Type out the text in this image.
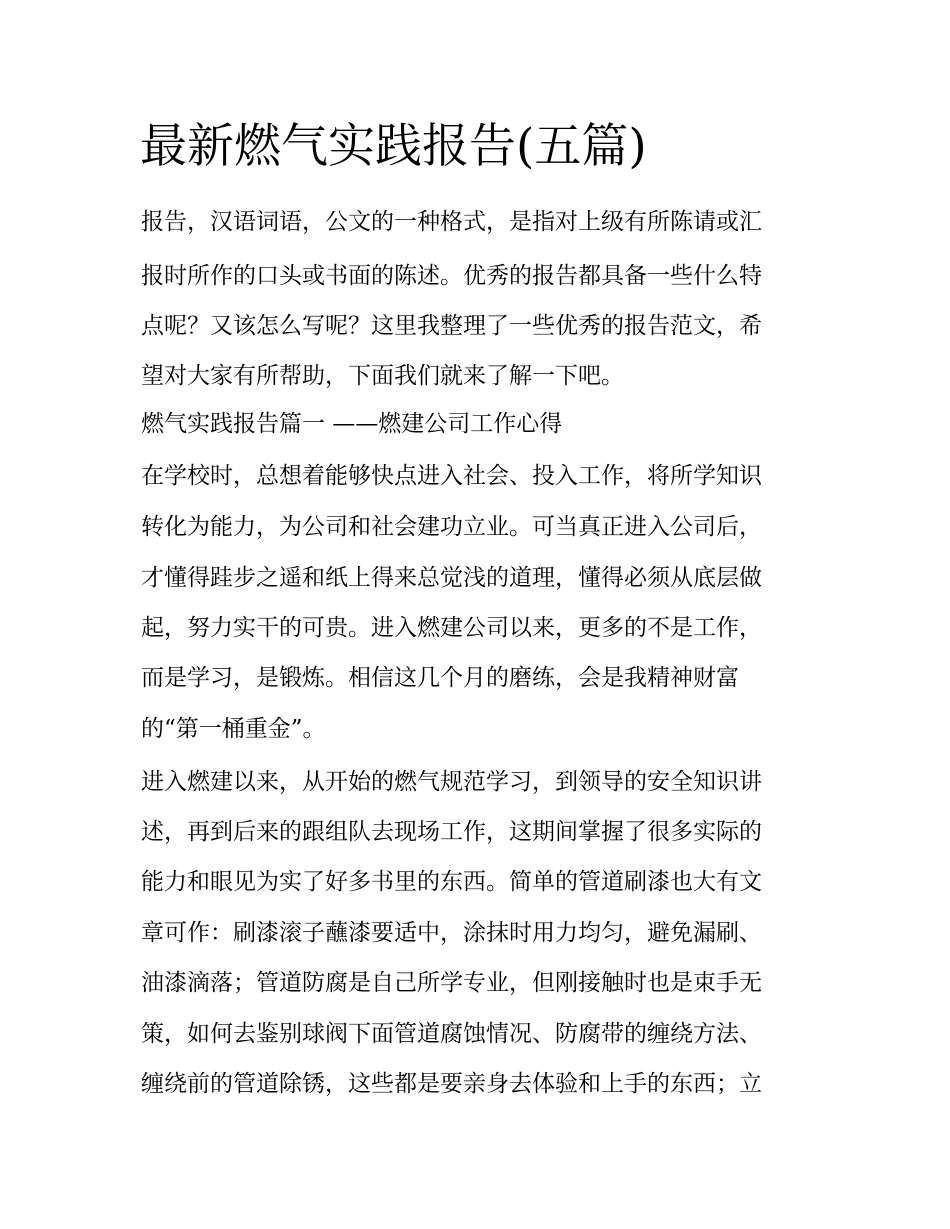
最新燃气实践报告(五篇)

报告，汉语词语，公文的一种格式，是指对上级有所陈请或汇

报时所作的口头或书面的陈述。优秀的报告都具备一些什么特

点呢？又该怎么写呢？这里我整理了一些优秀的报告范文，希

望对大家有所帮助，下面我们就来了解一下吧。

燃气实践报告篇一 ——燃建公司工作心得

在学校时，总想着能够快点进入社会、投入工作，将所学知识

转化为能力，为公司和社会建功立业。可当真正进入公司后，

才懂得跬步之遥和纸上得来总觉浅的道理，懂得必须从底层做

起，努力实干的可贵。进入燃建公司以来，更多的不是工作，

而是学习，是锻炼。相信这几个月的磨练，会是我精神财富

的“第一桶重金”。

进入燃建以来，从开始的燃气规范学习，到领导的安全知识讲

述，再到后来的跟组队去现场工作，这期间掌握了很多实际的

能力和眼见为实了好多书里的东西。简单的管道刷漆也大有文

章可作：刷漆滚子蘸漆要适中，涂抹时用力均匀，避免漏刷、

油漆滴落；管道防腐是自己所学专业，但刚接触时也是束手无

策，如何去鉴别球阀下面管道腐蚀情况、防腐带的缠绕方法、

缠绕前的管道除锈，这些都是要亲身去体验和上手的东西；立
